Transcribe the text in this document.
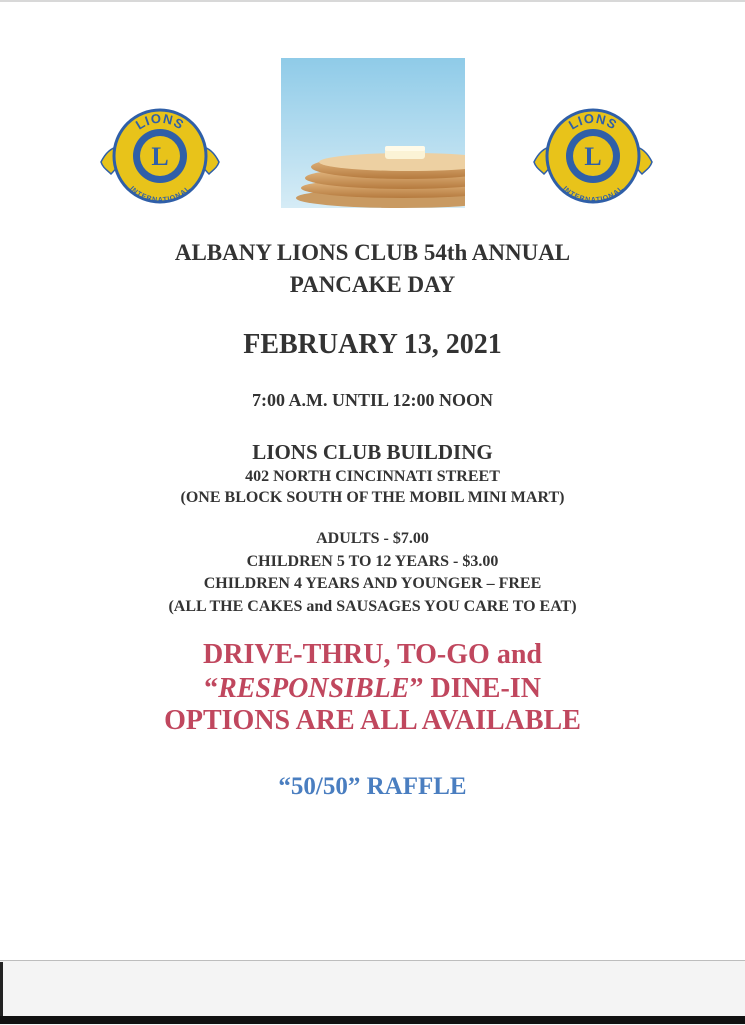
L
LIONS
INTERNATIONAL
L
LIONS
INTERNATIONAL
ALBANY LIONS CLUB 54th ANNUAL
PANCAKE DAY
FEBRUARY 13, 2021
7:00 A.M. UNTIL 12:00 NOON
LIONS CLUB BUILDING
402 NORTH CINCINNATI STREET
(ONE BLOCK SOUTH OF THE MOBIL MINI MART)
ADULTS - $7.00
CHILDREN 5 TO 12 YEARS - $3.00
CHILDREN 4 YEARS AND YOUNGER – FREE
(ALL THE CAKES and SAUSAGES YOU CARE TO EAT)
DRIVE-THRU, TO-GO and
“RESPONSIBLE” DINE-IN
OPTIONS ARE ALL AVAILABLE
“50/50” RAFFLE
